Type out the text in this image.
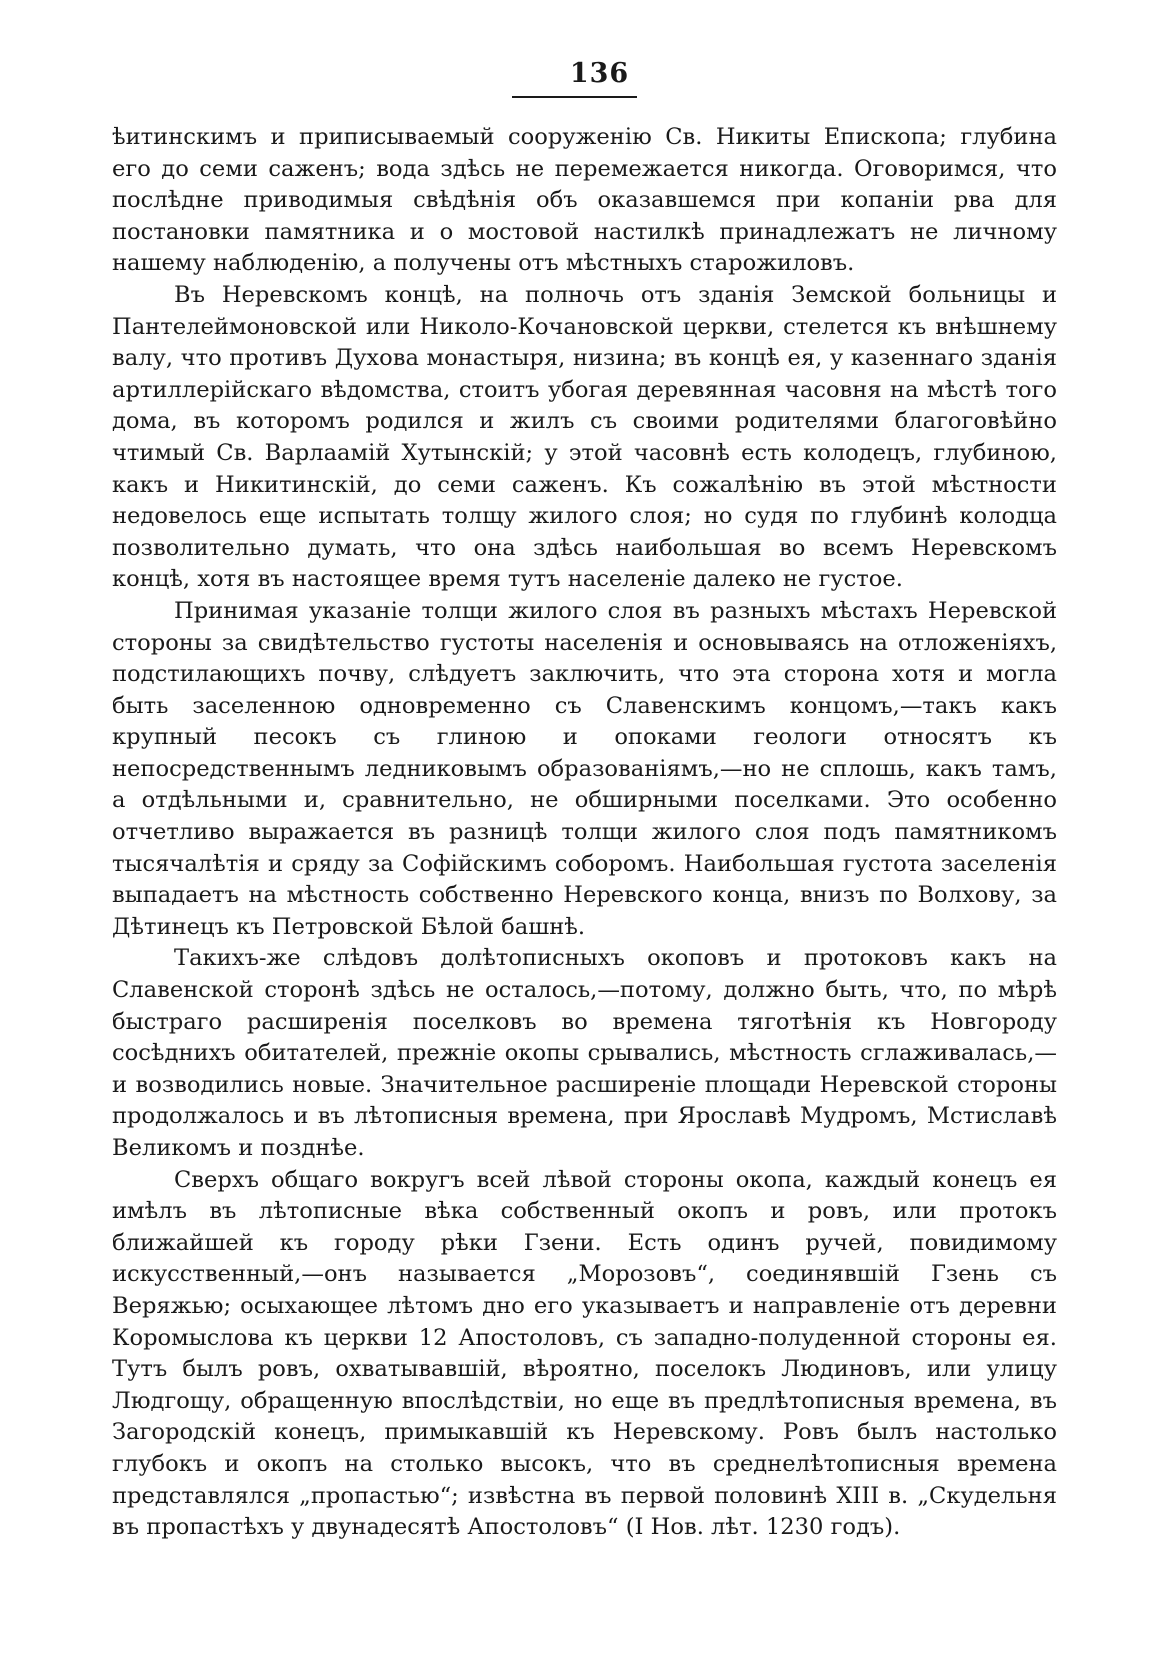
136

ѣитинскимъ и приписываемый сооруженію Св. Никиты Епископа; глубина его до семи саженъ; вода здѣсь не перемежается никогда. Оговоримся, что послѣдне приводимыя свѣдѣнія объ оказавшемся при копаніи рва для постановки памятника и о мостовой настилкѣ принадлежатъ не личному нашему наблюденію, а получены отъ мѣстныхъ старожиловъ.

Въ Неревскомъ концѣ, на полночь отъ зданія Земской больницы и Пантелеймоновской или Николо-Кочановской церкви, стелется къ внѣшнему валу, что противъ Духова монастыря, низина; въ концѣ ея, у казеннаго зданія артиллерійскаго вѣдомства, стоитъ убогая деревянная часовня на мѣстѣ того дома, въ которомъ родился и жилъ съ своими родителями благоговѣйно чтимый Св. Варлаамій Хутынскій; у этой часовнѣ есть колодецъ, глубиною, какъ и Никитинскій, до семи саженъ. Къ сожалѣнію въ этой мѣстности недовелось еще испытать толщу жилого слоя; но судя по глубинѣ колодца позволительно думать, что она здѣсь наибольшая во всемъ Неревскомъ концѣ, хотя въ настоящее время тутъ населеніе далеко не густое.

Принимая указаніе толщи жилого слоя въ разныхъ мѣстахъ Неревской стороны за свидѣтельство густоты населенія и основываясь на отложеніяхъ, подстилающихъ почву, слѣдуетъ заключить, что эта сторона хотя и могла быть заселенною одновременно съ Славенскимъ концомъ,—такъ какъ крупный песокъ съ глиною и опоками геологи относятъ къ непосредственнымъ ледниковымъ образованіямъ,—но не сплошь, какъ тамъ, а отдѣльными и, сравнительно, не обширными поселками. Это особенно отчетливо выражается въ разницѣ толщи жилого слоя подъ памятникомъ тысячалѣтія и сряду за Софійскимъ соборомъ. Наибольшая густота заселенія выпадаетъ на мѣстность собственно Неревского конца, внизъ по Волхову, за Дѣтинецъ къ Петровской Бѣлой башнѣ.

Такихъ-же слѣдовъ долѣтописныхъ окоповъ и протоковъ какъ на Славенской сторонѣ здѣсь не осталось,—потому, должно быть, что, по мѣрѣ быстраго расширенія поселковъ во времена тяготѣнія къ Новгороду сосѣднихъ обитателей, прежніе окопы срывались, мѣстность сглаживалась,—и возводились новые. Значительное расширеніе площади Неревской стороны продолжалось и въ лѣтописныя времена, при Ярославѣ Мудромъ, Мстиславѣ Великомъ и позднѣе.

Сверхъ общаго вокругъ всей лѣвой стороны окопа, каждый конецъ ея имѣлъ въ лѣтописные вѣка собственный окопъ и ровъ, или протокъ ближайшей къ городу рѣки Гзени. Есть одинъ ручей, повидимому искусственный,—онъ называется „Морозовъ“, соединявшій Гзень съ Веряжью; осыхающее лѣтомъ дно его указываетъ и направленіе отъ деревни Коромыслова къ церкви 12 Апостоловъ, съ западно-полуденной стороны ея. Тутъ былъ ровъ, охватывавшій, вѣроятно, поселокъ Людиновъ, или улицу Людгощу, обращенную впослѣдствіи, но еще въ предлѣтописныя времена, въ Загородскій конецъ, примыкавшій къ Неревскому. Ровъ былъ настолько глубокъ и окопъ на столько высокъ, что въ среднелѣтописныя времена представлялся „пропастью“; извѣстна въ первой половинѣ XIII в. „Скудельня въ пропастѣхъ у двунадесятѣ Апостоловъ“ (I Нов. лѣт. 1230 годъ).
